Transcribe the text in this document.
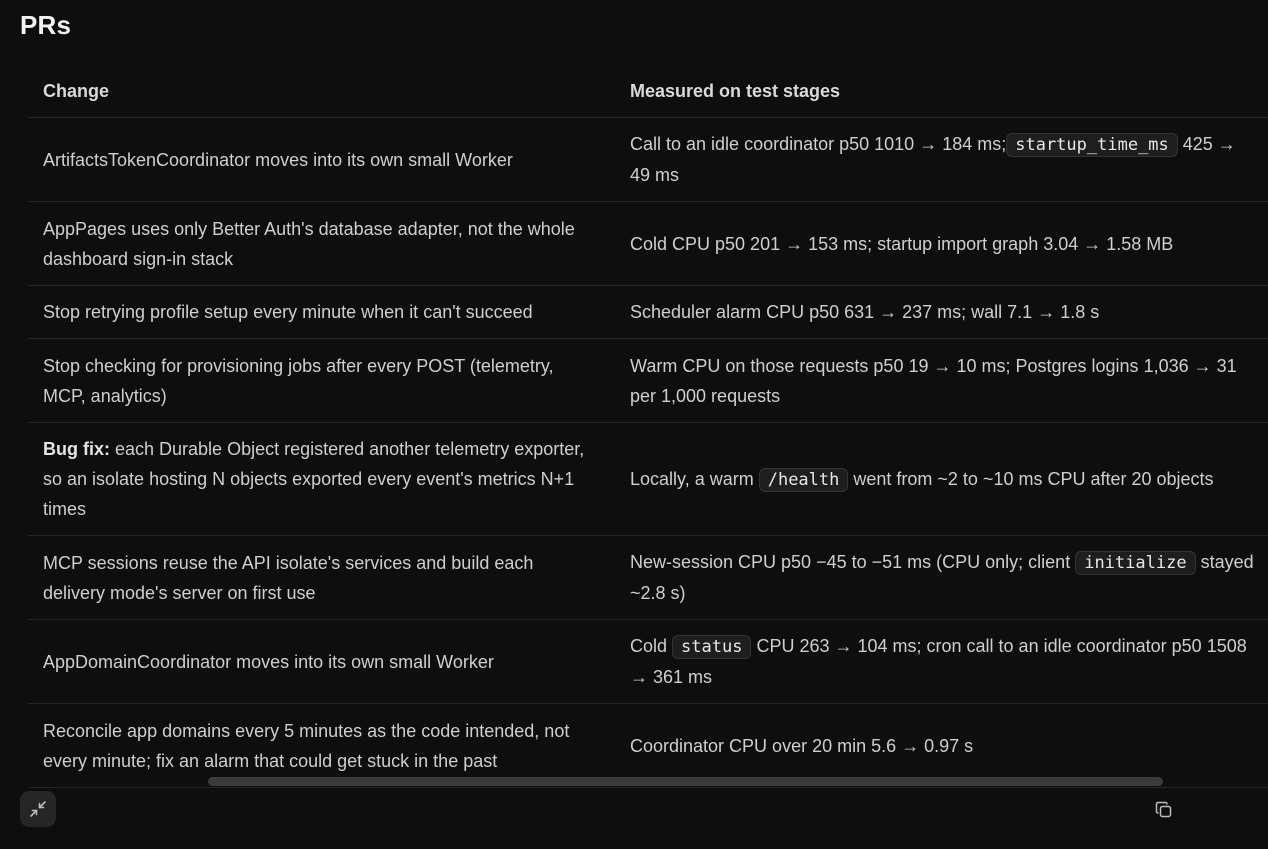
PRs
Change	Measured on test stages

ArtifactsTokenCoordinator moves into its own small Worker

Call to an idle coordinator p50 1010 → 184 ms; startup_time_ms 425 → 49 ms

AppPages uses only Better Auth's database adapter, not the whole dashboard sign-in stack

Cold CPU p50 201 → 153 ms; startup import graph 3.04 → 1.58 MB

Stop retrying profile setup every minute when it can't succeed	Scheduler alarm CPU p50 631 → 237 ms; wall 7.1 → 1.8 s

Stop checking for provisioning jobs after every POST (telemetry, MCP, analytics)

Warm CPU on those requests p50 19 → 10 ms; Postgres logins 1,036 → 31 per 1,000 requests

Bug fix: each Durable Object registered another telemetry exporter, so an isolate hosting N objects exported every event's metrics N+1 times

Locally, a warm /health went from ~2 to ~10 ms CPU after 20 objects

MCP sessions reuse the API isolate's services and build each delivery mode's server on first use

New-session CPU p50 −45 to −51 ms (CPU only; client initialize stayed ~2.8 s)

AppDomainCoordinator moves into its own small Worker

Cold status CPU 263 → 104 ms; cron call to an idle coordinator p50 1508 → 361 ms

Reconcile app domains every 5 minutes as the code intended, not every minute; fix an alarm that could get stuck in the past

Coordinator CPU over 20 min 5.6 → 0.97 s
